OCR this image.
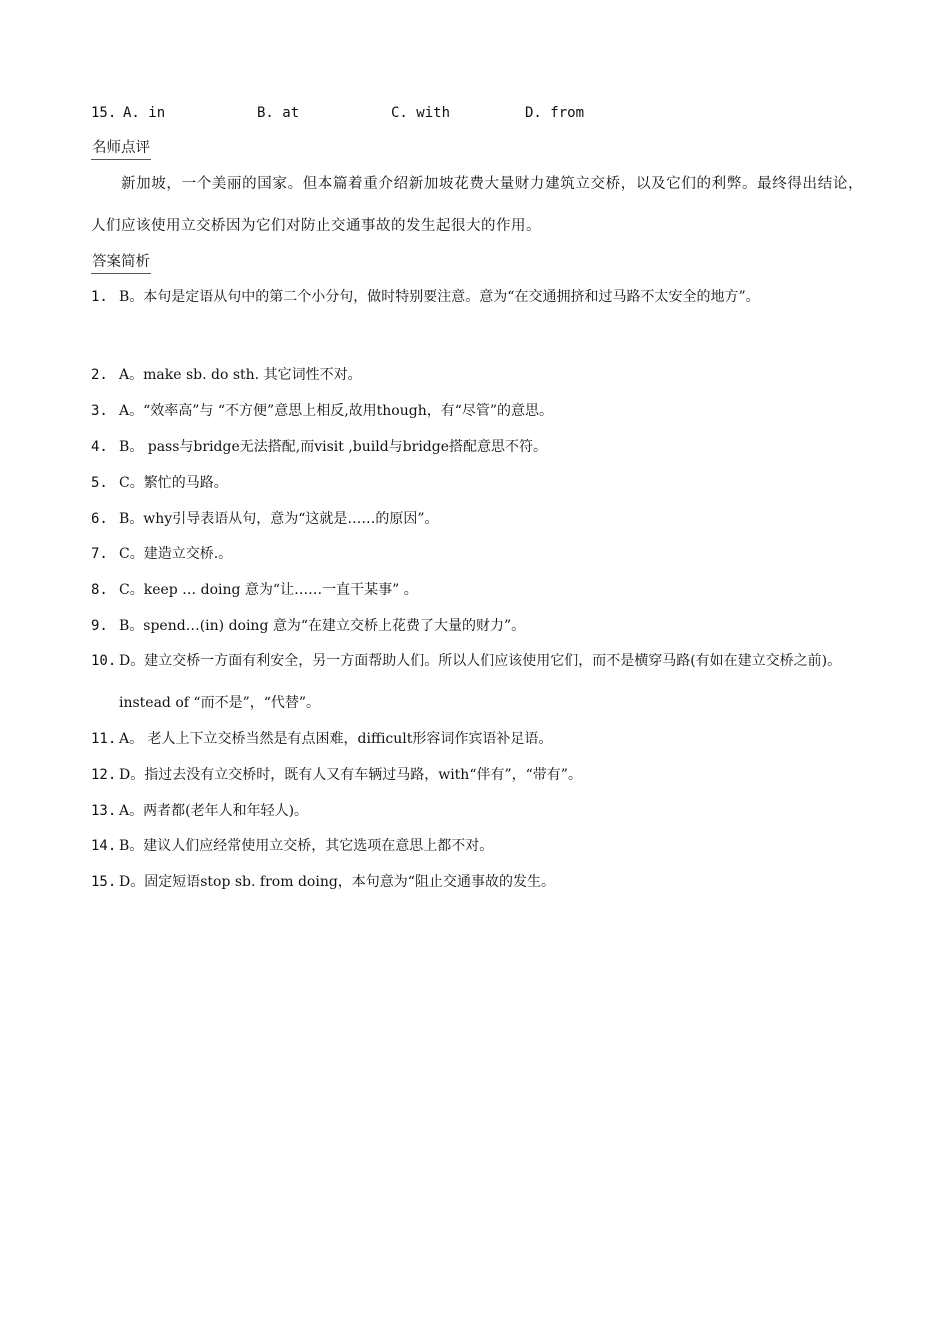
15.

A. in

	B. at

	C. with

	D. from

名师点评
新加坡，一个美丽的国家。但本篇着重介绍新加坡花费大量财力建筑立交桥，以及它们的利弊。最终得出结论，人们应该使用立交桥因为它们对防止交通事故的发生起很大的作用。
答案简析
1. B。本句是定语从句中的第二个小分句，做时特别要注意。意为“在交通拥挤和过马路不太安全的地方”。
2. A。make sb. do sth. 其它词性不对。
3. A。“效率高”与 “不方便”意思上相反,故用though，有“尽管”的意思。
4. B。 pass与bridge无法搭配,而visit ,build与bridge搭配意思不符。
5. C。繁忙的马路。
6. B。why引导表语从句，意为“这就是……的原因”。
7. C。建造立交桥.。
8. C。keep … doing 意为“让……一直干某事” 。
9. B。spend…(in) doing 意为“在建立交桥上花费了大量的财力”。
10. D。建立交桥一方面有利安全，另一方面帮助人们。所以人们应该使用它们，而不是横穿马路(有如在建立交桥之前)。instead of “而不是”，“代替”。
11. A。 老人上下立交桥当然是有点困难，difficult形容词作宾语补足语。
12. D。指过去没有立交桥时，既有人又有车辆过马路，with“伴有”，“带有”。
13. A。两者都(老年人和年轻人)。
14. B。建议人们应经常使用立交桥，其它选项在意思上都不对。
15. D。固定短语stop sb. from doing，本句意为“阻止交通事故的发生。
